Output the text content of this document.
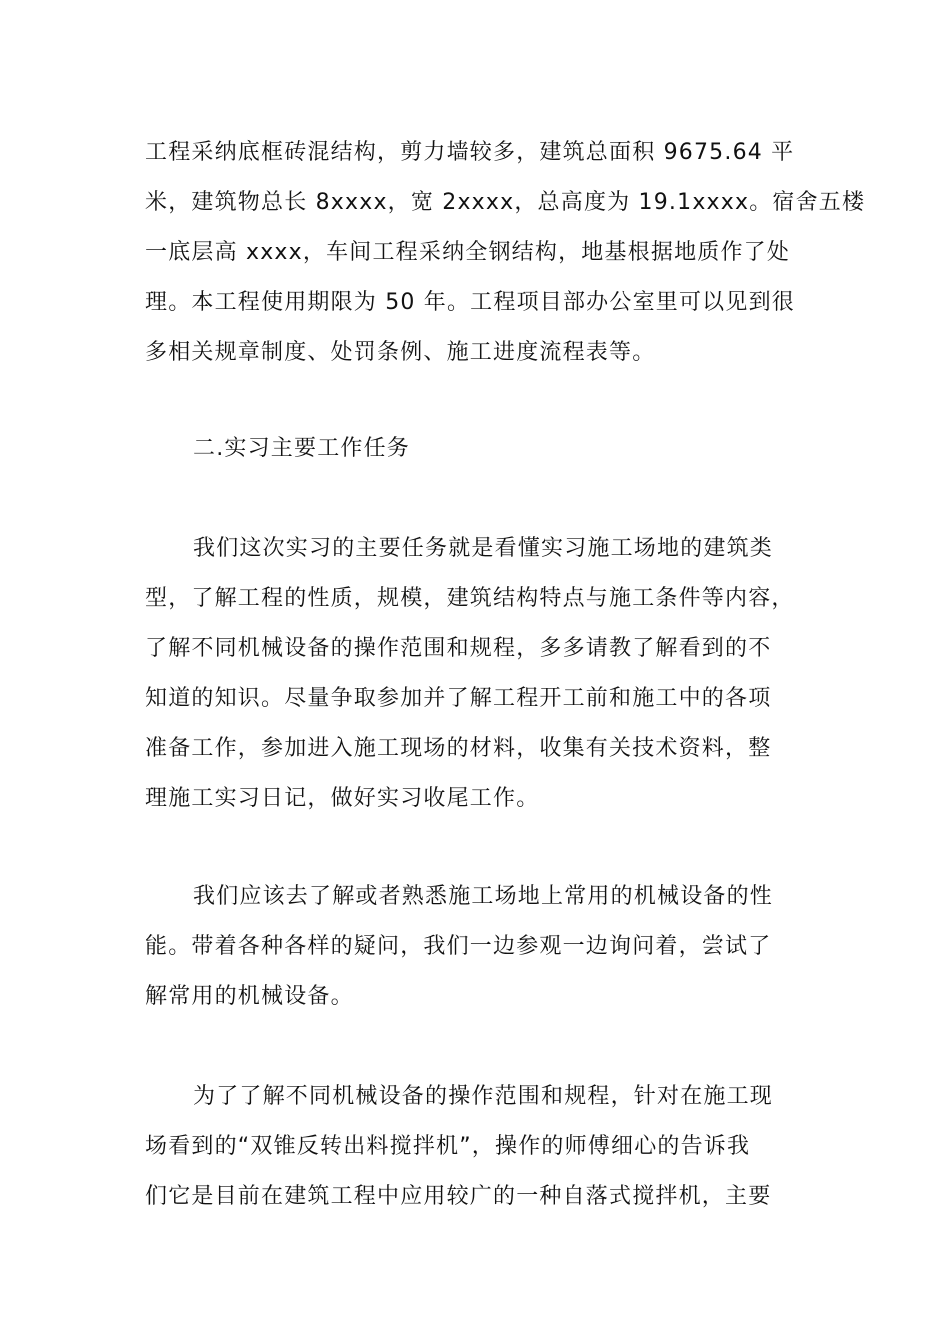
工程采纳底框砖混结构，剪力墙较多，建筑总面积 9675.64 平
米，建筑物总长 8xxxx，宽 2xxxx，总高度为 19.1xxxx。宿舍五楼
一底层高 xxxx，车间工程采纳全钢结构，地基根据地质作了处
理。本工程使用期限为 50 年。工程项目部办公室里可以见到很
多相关规章制度、处罚条例、施工进度流程表等。
二.实习主要工作任务
我们这次实习的主要任务就是看懂实习施工场地的建筑类
型，了解工程的性质，规模，建筑结构特点与施工条件等内容，
了解不同机械设备的操作范围和规程，多多请教了解看到的不
知道的知识。尽量争取参加并了解工程开工前和施工中的各项
准备工作，参加进入施工现场的材料，收集有关技术资料，整
理施工实习日记，做好实习收尾工作。
我们应该去了解或者熟悉施工场地上常用的机械设备的性
能。带着各种各样的疑问，我们一边参观一边询问着，尝试了
解常用的机械设备。
为了了解不同机械设备的操作范围和规程，针对在施工现
场看到的“双锥反转出料搅拌机”，操作的师傅细心的告诉我
们它是目前在建筑工程中应用较广的一种自落式搅拌机，主要
